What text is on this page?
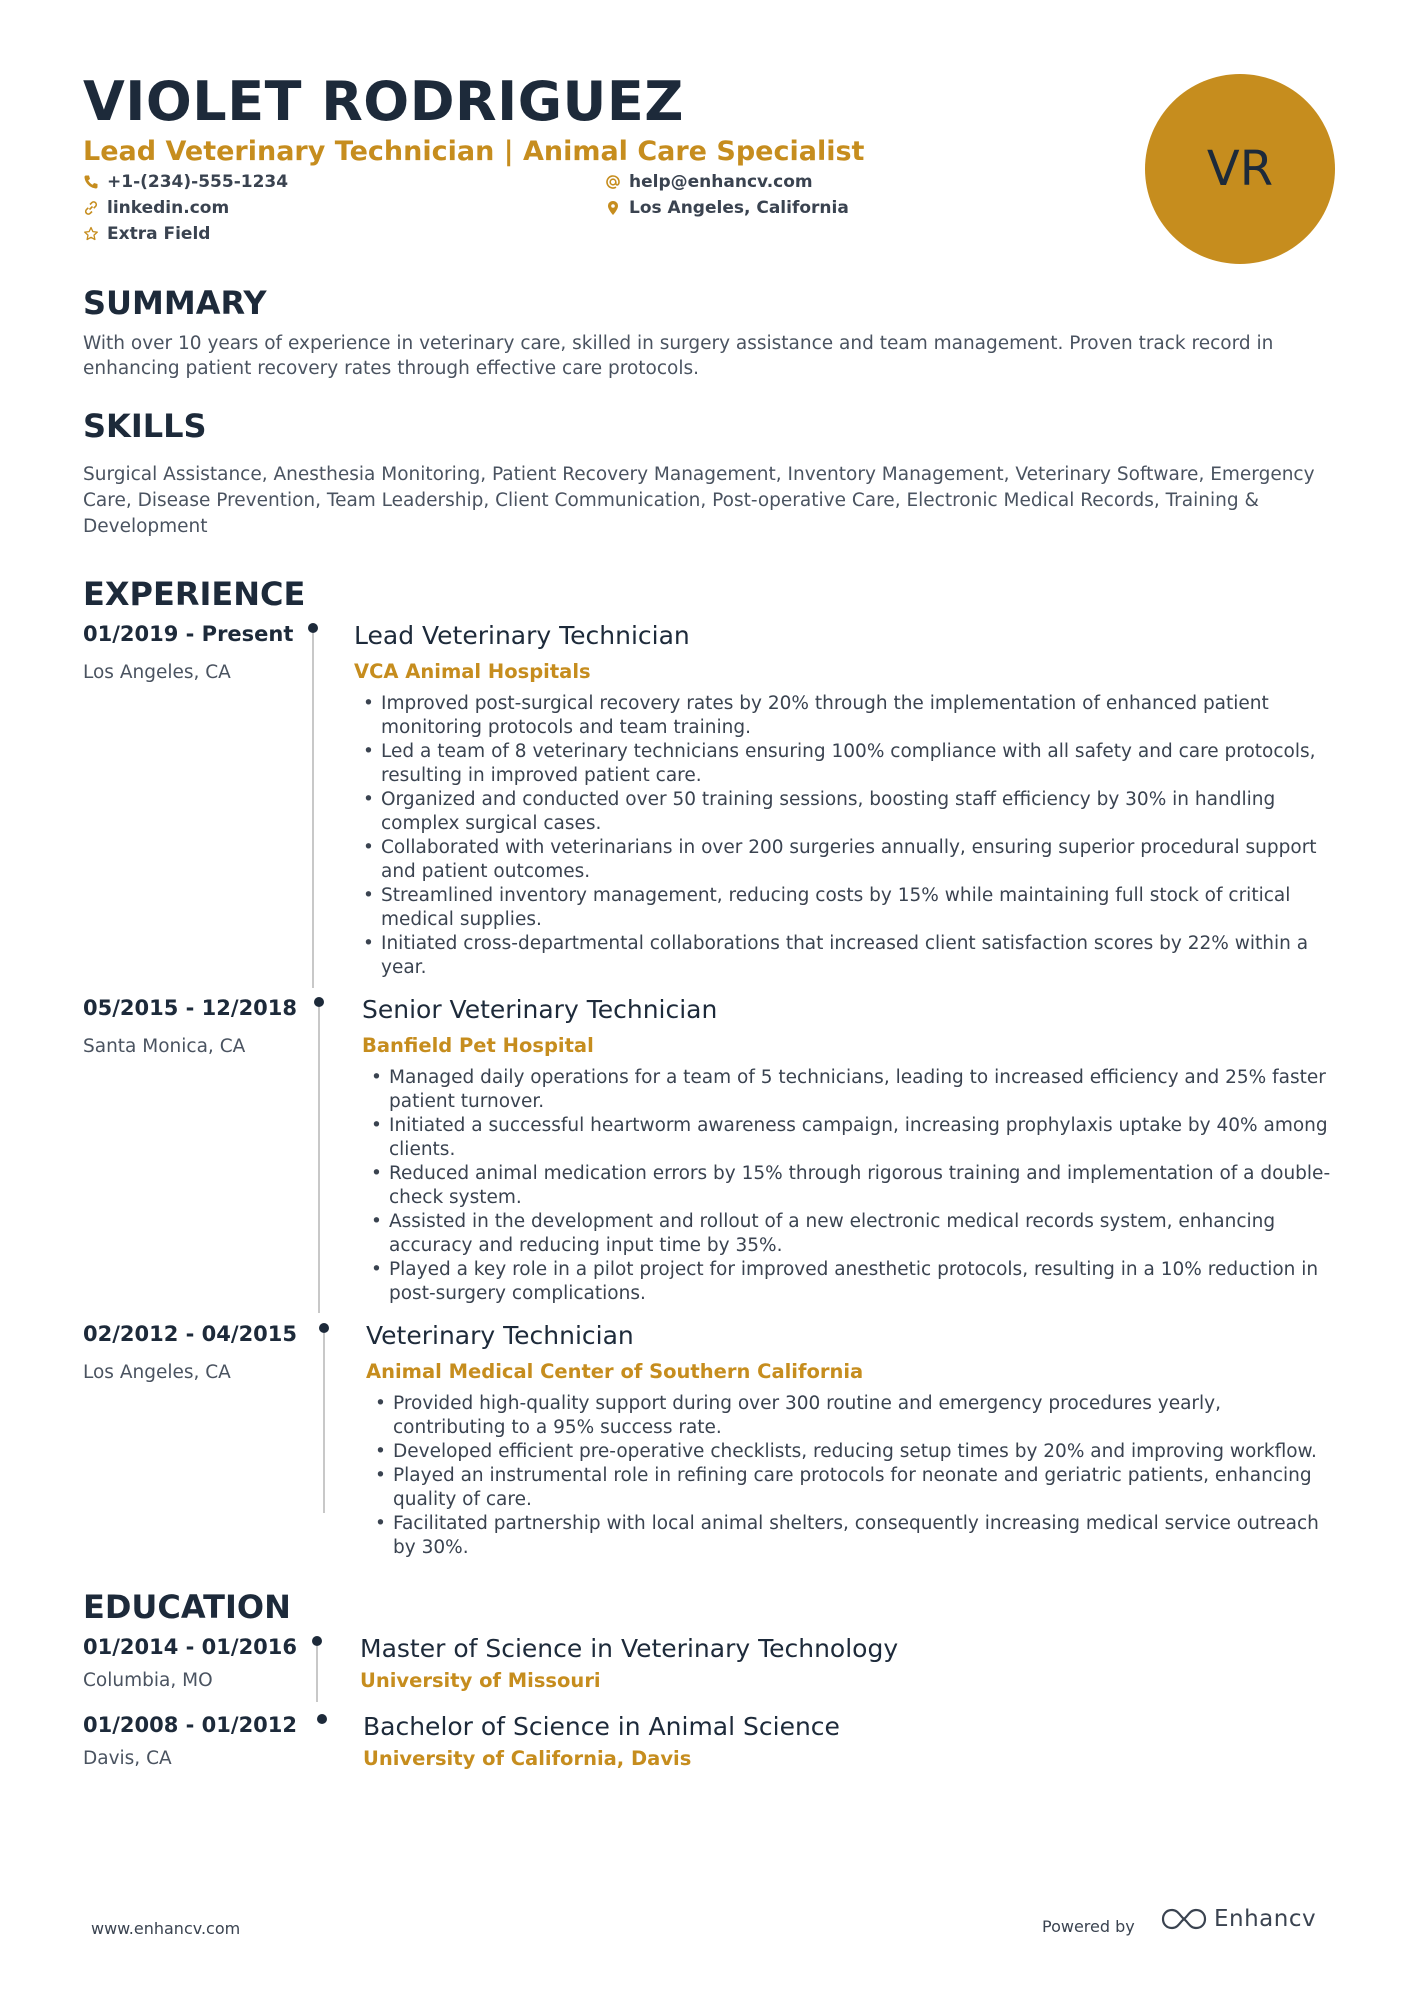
VIOLET RODRIGUEZ
Lead Veterinary Technician | Animal Care Specialist
+1-(234)-555-1234	help@enhancv.com
linkedin.com	Los Angeles, California
Extra Field
VR
SUMMARY
With over 10 years of experience in veterinary care, skilled in surgery assistance and team management. Proven track record in enhancing patient recovery rates through effective care protocols.
SKILLS
Surgical Assistance, Anesthesia Monitoring, Patient Recovery Management, Inventory Management, Veterinary Software, Emergency Care, Disease Prevention, Team Leadership, Client Communication, Post-operative Care, Electronic Medical Records, Training & Development
EXPERIENCE
01/2019 - Present
Los Angeles, CA
Lead Veterinary Technician
VCA Animal Hospitals
• Improved post-surgical recovery rates by 20% through the implementation of enhanced patient monitoring protocols and team training.
• Led a team of 8 veterinary technicians ensuring 100% compliance with all safety and care protocols, resulting in improved patient care.
• Organized and conducted over 50 training sessions, boosting staff efficiency by 30% in handling complex surgical cases.
• Collaborated with veterinarians in over 200 surgeries annually, ensuring superior procedural support and patient outcomes.
• Streamlined inventory management, reducing costs by 15% while maintaining full stock of critical medical supplies.
• Initiated cross-departmental collaborations that increased client satisfaction scores by 22% within a year.
05/2015 - 12/2018
Santa Monica, CA
Senior Veterinary Technician
Banfield Pet Hospital
• Managed daily operations for a team of 5 technicians, leading to increased efficiency and 25% faster patient turnover.
• Initiated a successful heartworm awareness campaign, increasing prophylaxis uptake by 40% among clients.
• Reduced animal medication errors by 15% through rigorous training and implementation of a double-check system.
• Assisted in the development and rollout of a new electronic medical records system, enhancing accuracy and reducing input time by 35%.
• Played a key role in a pilot project for improved anesthetic protocols, resulting in a 10% reduction in post-surgery complications.
02/2012 - 04/2015
Los Angeles, CA
Veterinary Technician
Animal Medical Center of Southern California
• Provided high-quality support during over 300 routine and emergency procedures yearly, contributing to a 95% success rate.
• Developed efficient pre-operative checklists, reducing setup times by 20% and improving workflow.
• Played an instrumental role in refining care protocols for neonate and geriatric patients, enhancing quality of care.
• Facilitated partnership with local animal shelters, consequently increasing medical service outreach by 30%.
EDUCATION
01/2014 - 01/2016
Columbia, MO
Master of Science in Veterinary Technology
University of Missouri
01/2008 - 01/2012
Davis, CA
Bachelor of Science in Animal Science
University of California, Davis
www.enhancv.com	Powered by	Enhancv
